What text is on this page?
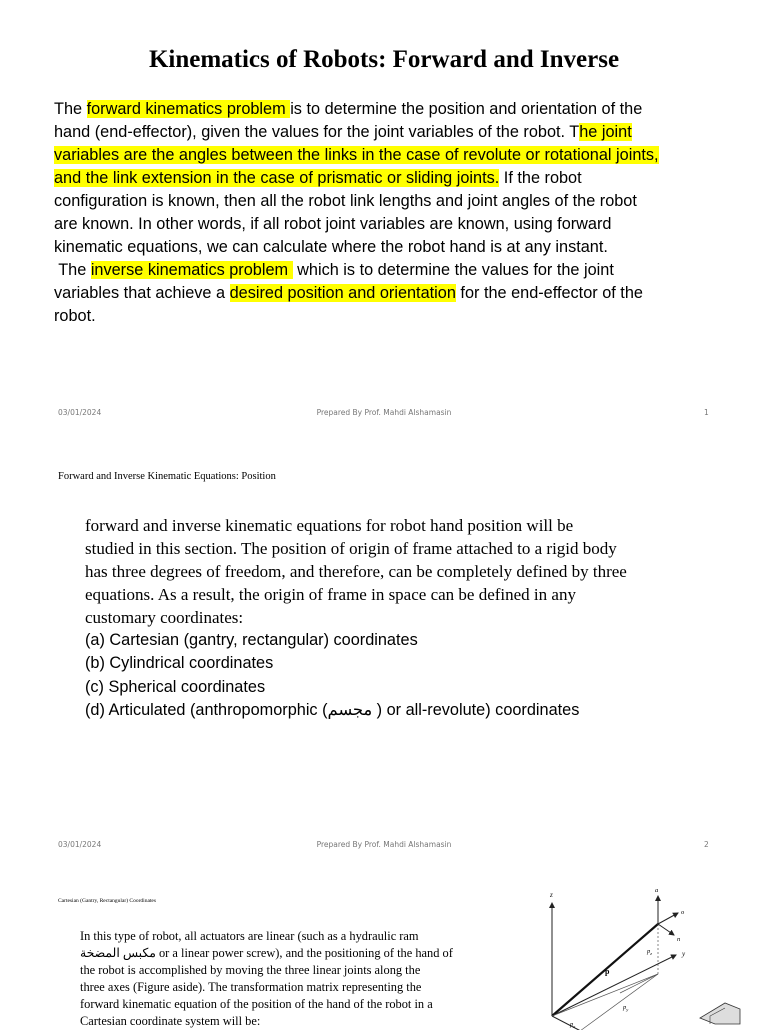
Kinematics of Robots: Forward and Inverse
The forward kinematics problem is to determine the position and orientation of the
hand (end-effector), given the values for the joint variables of the robot. The joint
variables are the angles between the links in the case of revolute or rotational joints,
and the link extension in the case of prismatic or sliding joints. If the robot
configuration is known, then all the robot link lengths and joint angles of the robot
are known. In other words, if all robot joint variables are known, using forward
kinematic equations, we can calculate where the robot hand is at any instant.
The inverse kinematics problem  which is to determine the values for the joint
variables that achieve a desired position and orientation for the end-effector of the
robot.
03/01/2024	Prepared By Prof. Mahdi Alshamasin	1
Forward and Inverse Kinematic Equations: Position
forward and inverse kinematic equations for robot hand position will be
studied in this section. The position of origin of frame attached to a rigid body
has three degrees of freedom, and therefore, can be completely defined by three
equations. As a result, the origin of frame in space can be defined in any
customary coordinates:
(a) Cartesian (gantry, rectangular) coordinates
(b) Cylindrical coordinates
(c) Spherical coordinates
(d) Articulated (anthropomorphic (مجسم ) or all-revolute) coordinates
03/01/2024	Prepared By Prof. Mahdi Alshamasin	2
Cartesian (Gantry, Rectangular) Coordinates
In this type of robot, all actuators are linear (such as a hydraulic ram
مكبس المضخة or a linear power screw), and the positioning of the hand of
the robot is accomplished by moving the three linear joints along the
three axes (Figure aside). The transformation matrix representing the
forward kinematic equation of the position of the hand of the robot in a
Cartesian coordinate system will be:
z
y
p
$p_z$
$p_x$
$p_y$
a
o
n
